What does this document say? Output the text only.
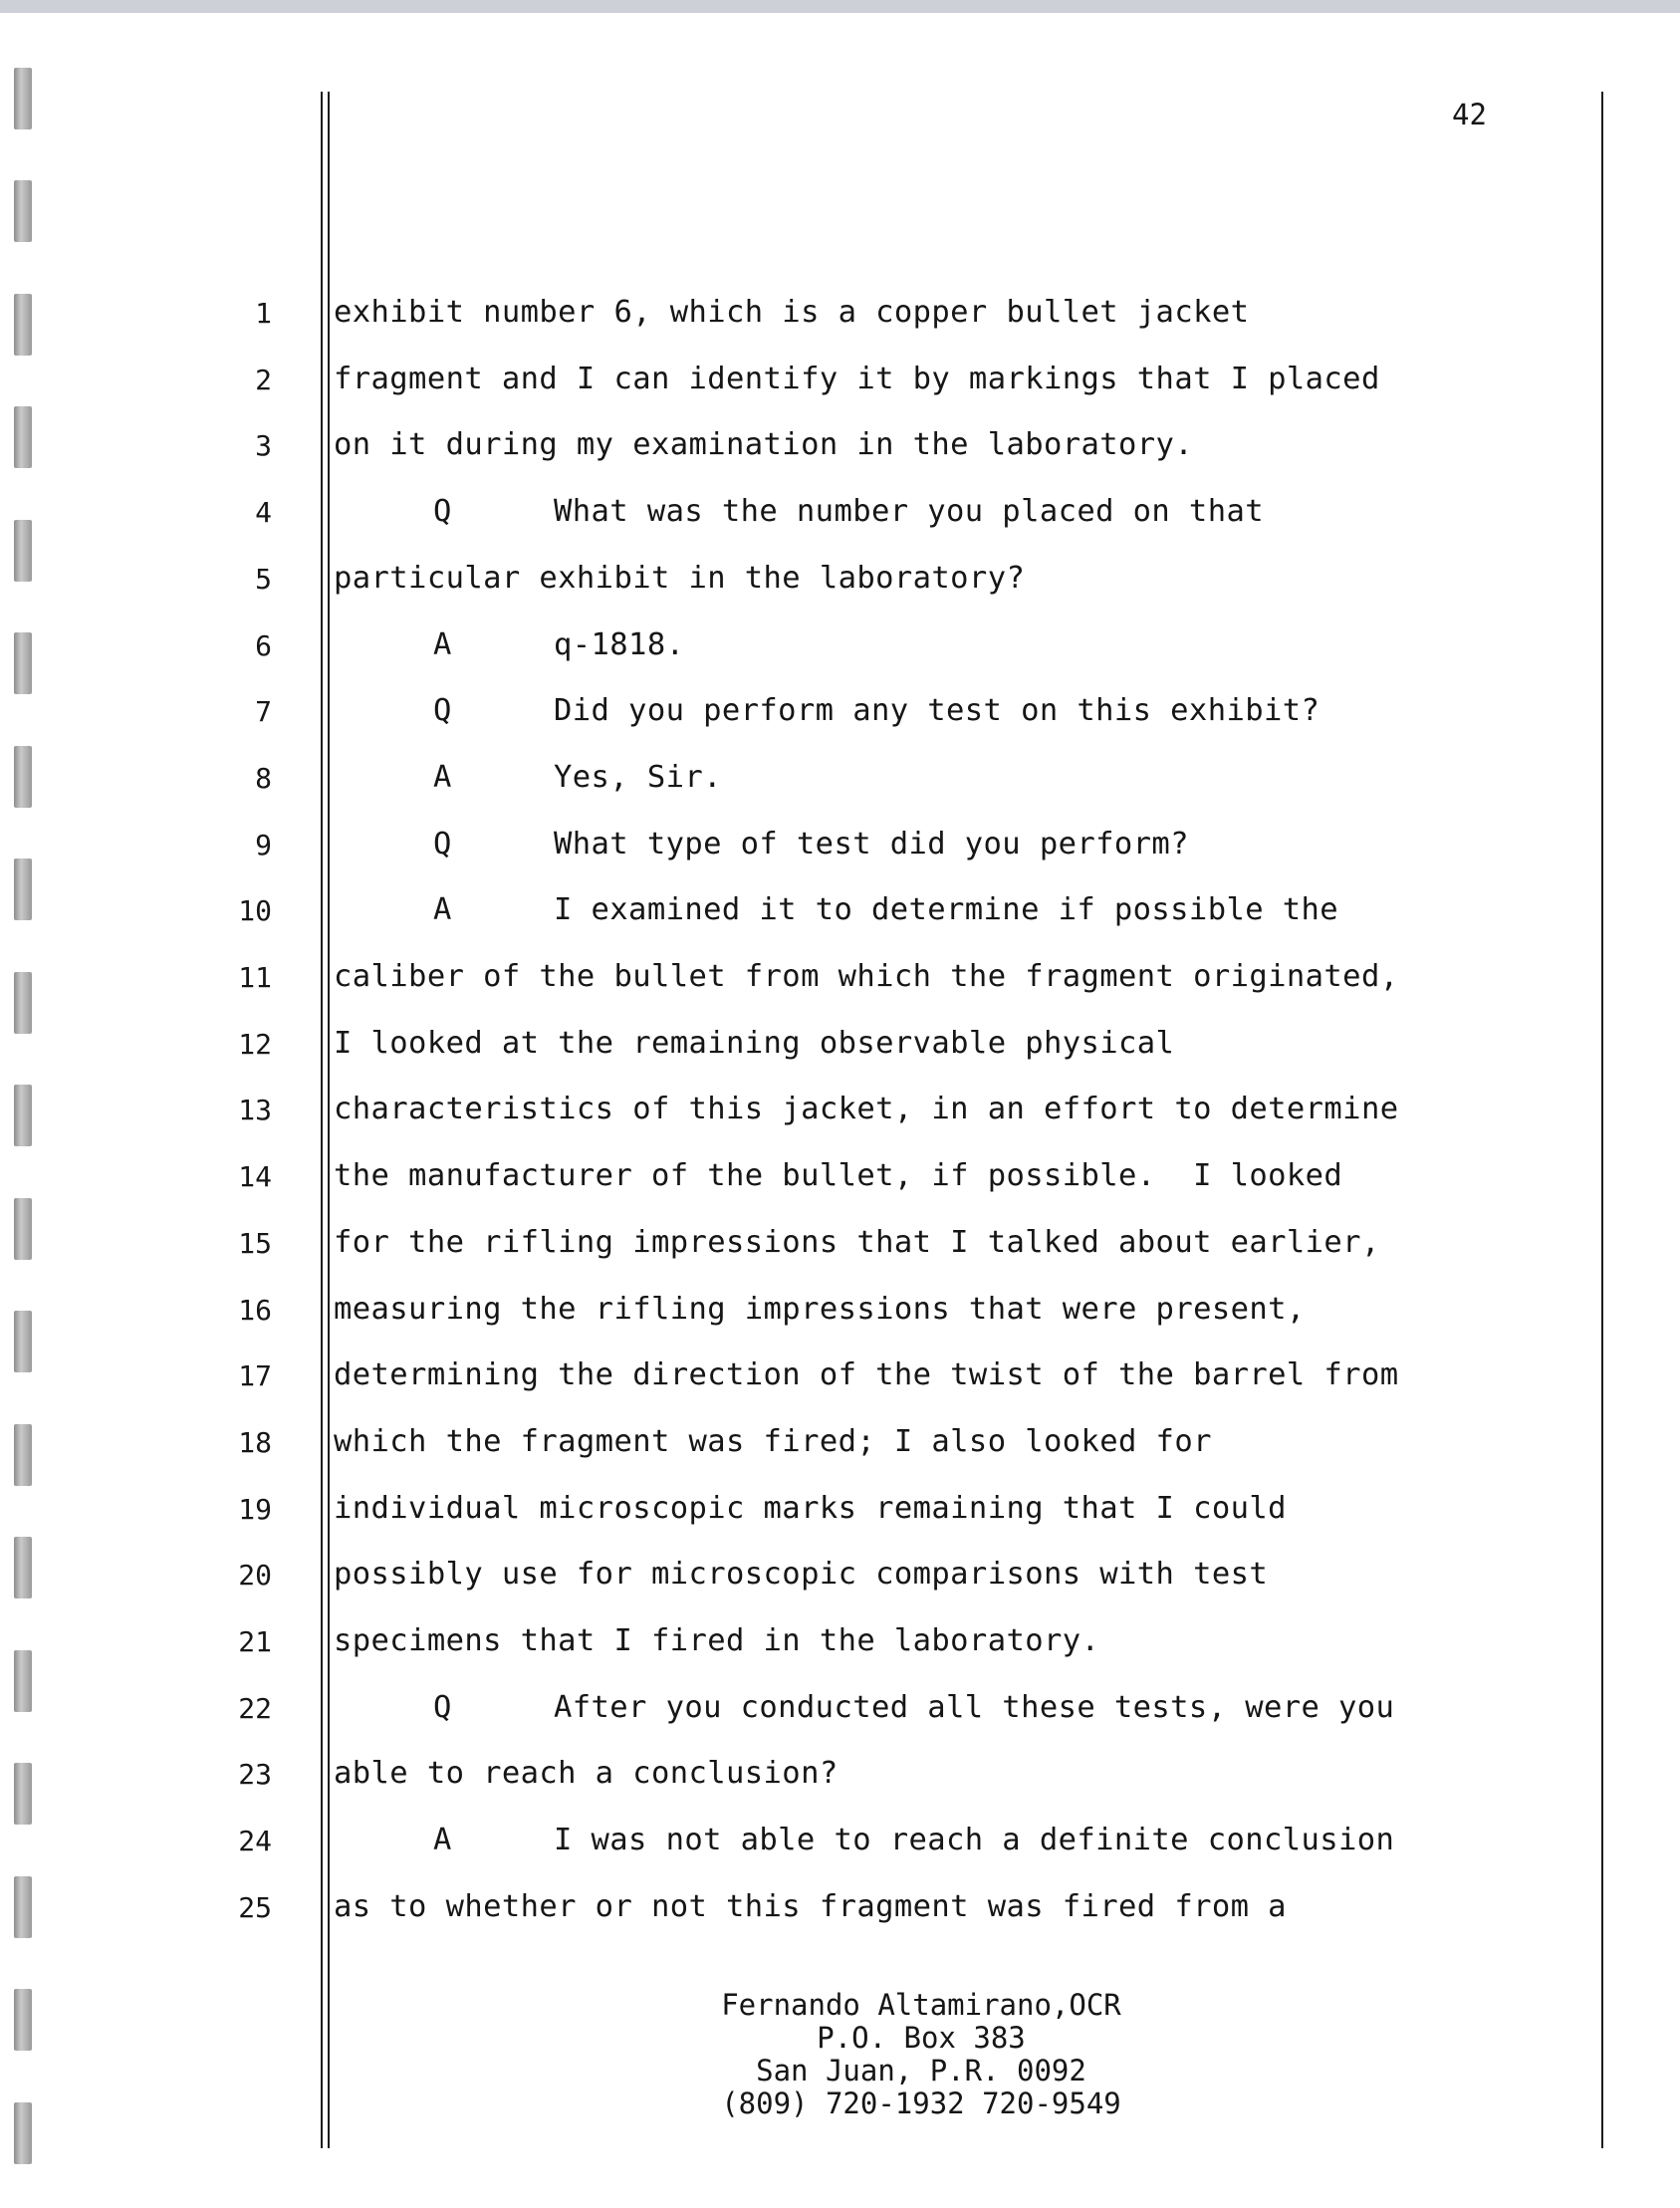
42
1 exhibit number 6, which is a copper bullet jacket
2 fragment and I can identify it by markings that I placed
3 on it during my examination in the laboratory.
4	Q	What was the number you placed on that
5 particular exhibit in the laboratory?
6	A	q-1818.
7	Q	Did you perform any test on this exhibit?
8	A	Yes, Sir.
9	Q	What type of test did you perform?
10	A	I examined it to determine if possible the
11 caliber of the bullet from which the fragment originated,
12 I looked at the remaining observable physical
13 characteristics of this jacket, in an effort to determine
14 the manufacturer of the bullet, if possible.  I looked
15 for the rifling impressions that I talked about earlier,
16 measuring the rifling impressions that were present,
17 determining the direction of the twist of the barrel from
18 which the fragment was fired; I also looked for
19 individual microscopic marks remaining that I could
20 possibly use for microscopic comparisons with test
21 specimens that I fired in the laboratory.
22	Q	After you conducted all these tests, were you
23 able to reach a conclusion?
24	A	I was not able to reach a definite conclusion
25 as to whether or not this fragment was fired from a
Fernando Altamirano,OCR
P.O. Box 383
San Juan, P.R. 0092
(809) 720-1932 720-9549
